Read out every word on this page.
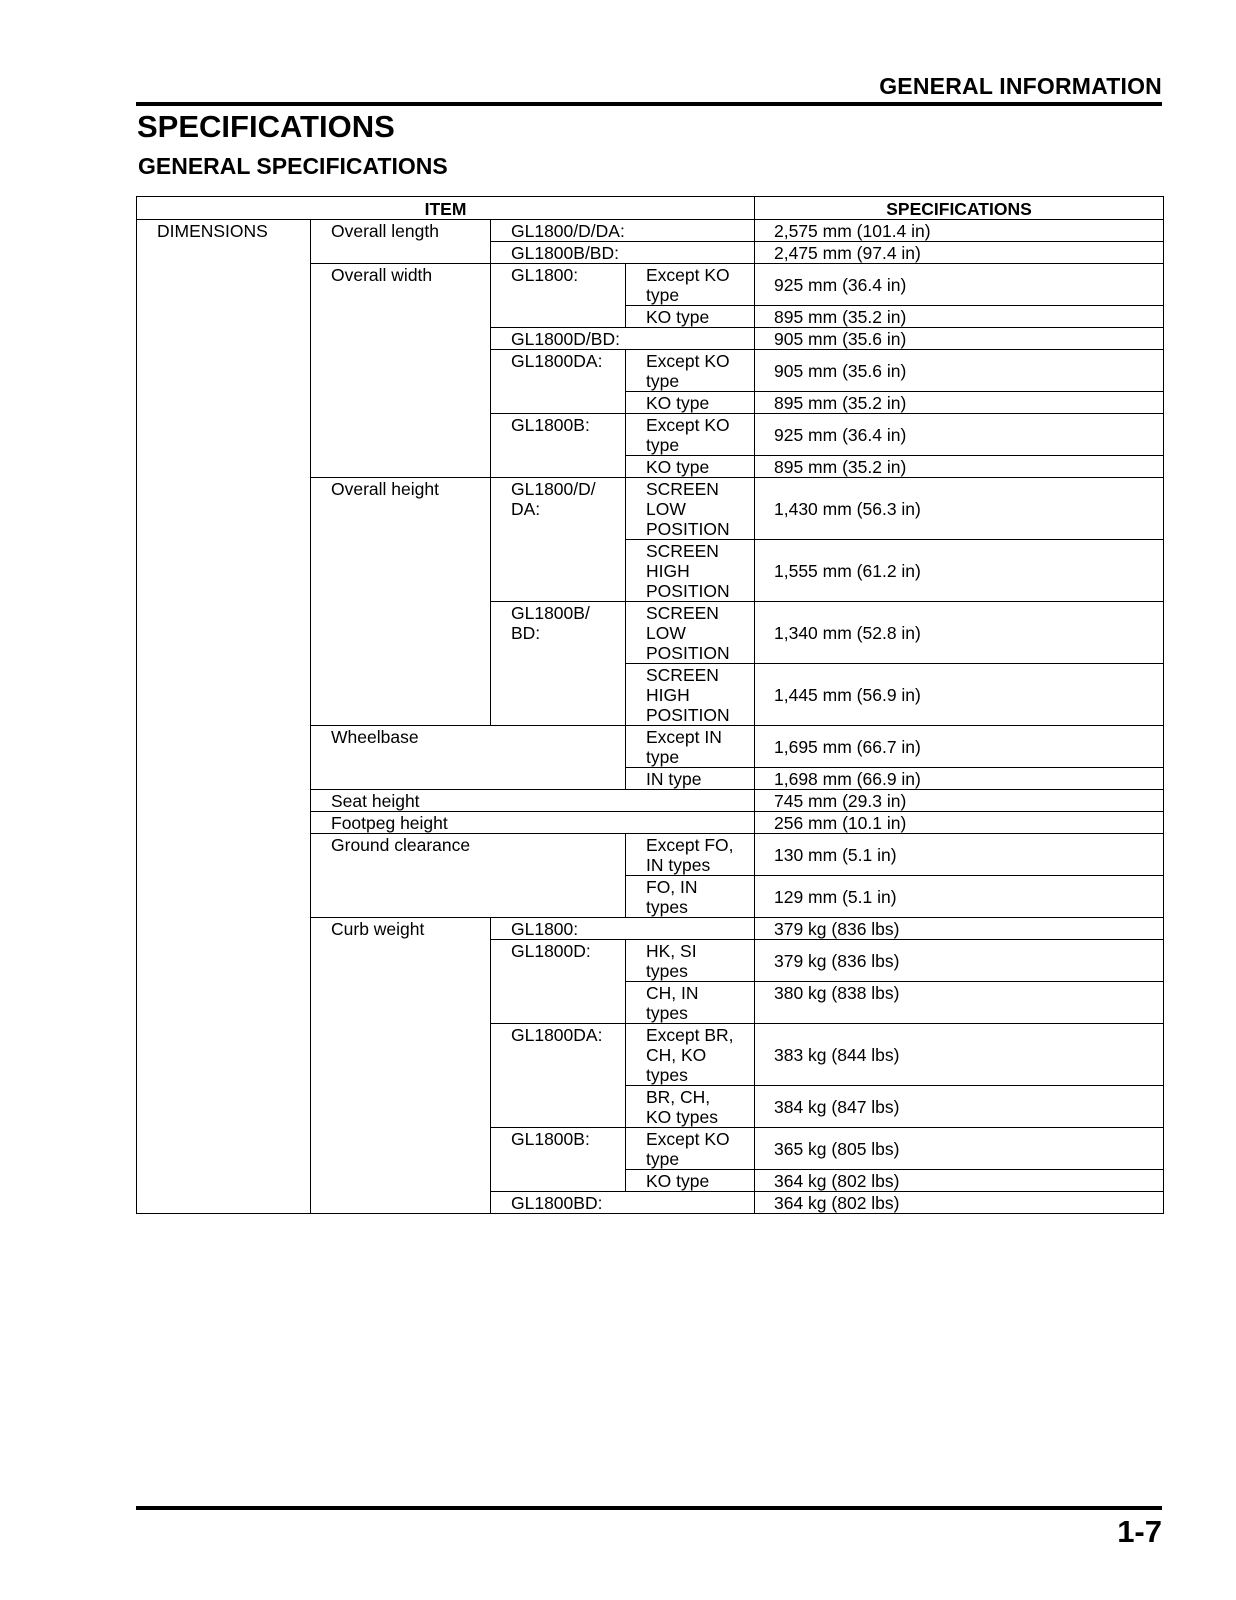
GENERAL INFORMATION
SPECIFICATIONS
GENERAL SPECIFICATIONS
ITEM				SPECIFICATIONS
DIMENSIONS	Overall length	GL1800/D/DA:		2,575 mm (101.4 in)
		GL1800B/BD:		2,475 mm (97.4 in)
	Overall width	GL1800:	Except KO type	925 mm (36.4 in)
			KO type	895 mm (35.2 in)
		GL1800D/BD:		905 mm (35.6 in)
		GL1800DA:	Except KO type	905 mm (35.6 in)
			KO type	895 mm (35.2 in)
		GL1800B:	Except KO type	925 mm (36.4 in)
			KO type	895 mm (35.2 in)
	Overall height	GL1800/D/ DA:	SCREEN LOW POSITION	1,430 mm (56.3 in)
			SCREEN HIGH POSITION	1,555 mm (61.2 in)
		GL1800B/ BD:	SCREEN LOW POSITION	1,340 mm (52.8 in)
			SCREEN HIGH POSITION	1,445 mm (56.9 in)
	Wheelbase		Except IN type	1,695 mm (66.7 in)
			IN type	1,698 mm (66.9 in)
	Seat height			745 mm (29.3 in)
	Footpeg height			256 mm (10.1 in)
	Ground clearance		Except FO, IN types	130 mm (5.1 in)
			FO, IN types	129 mm (5.1 in)
	Curb weight	GL1800:		379 kg (836 lbs)
		GL1800D:	HK, SI types	379 kg (836 lbs)
			CH, IN types	380 kg (838 lbs)
		GL1800DA:	Except BR, CH, KO types	383 kg (844 lbs)
			BR, CH, KO types	384 kg (847 lbs)
		GL1800B:	Except KO type	365 kg (805 lbs)
			KO type	364 kg (802 lbs)
		GL1800BD:		364 kg (802 lbs)
1-7
